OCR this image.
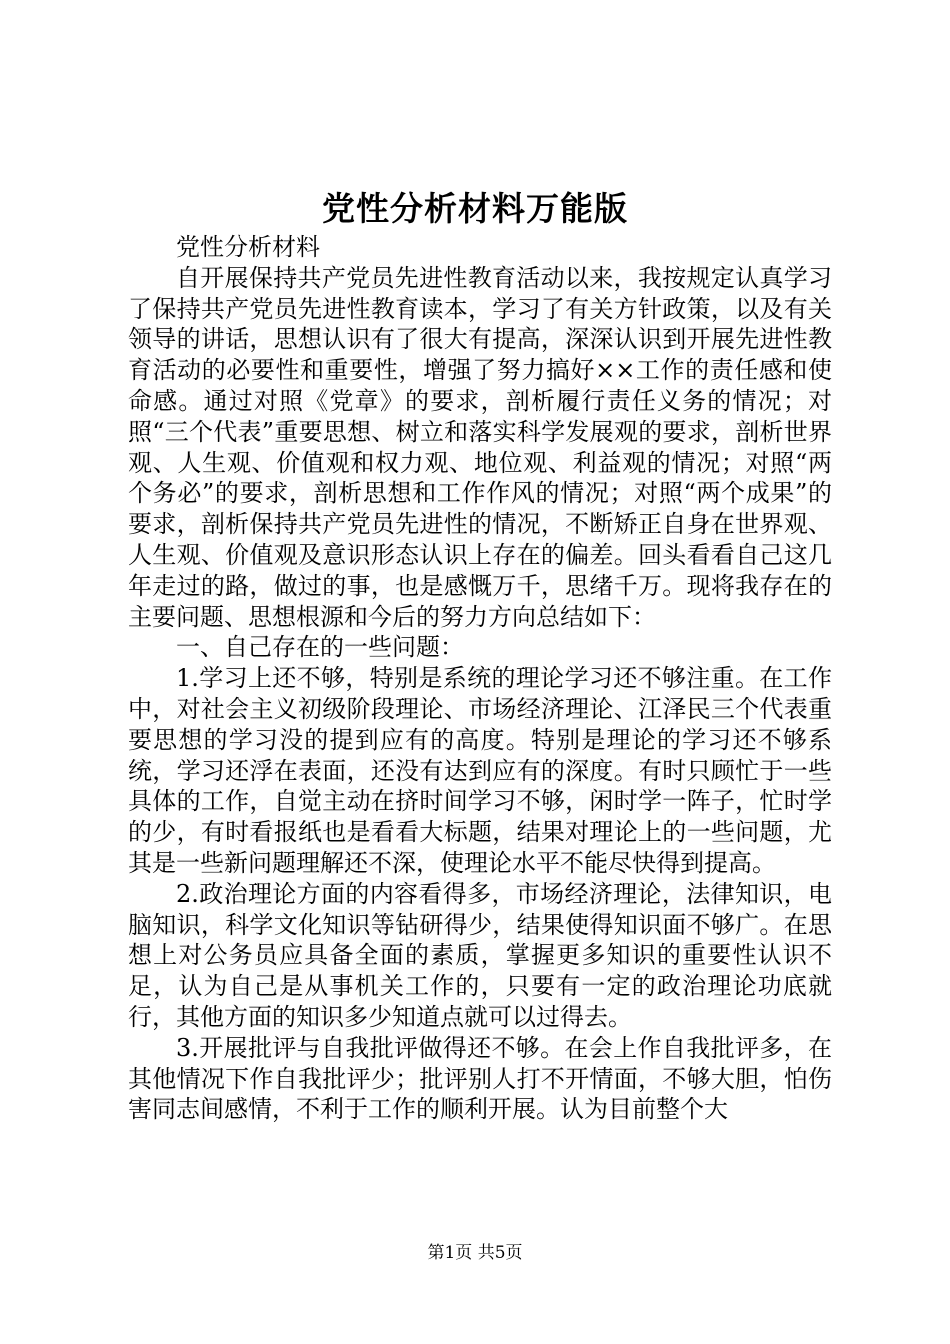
党性分析材料万能版

党性分析材料

自开展保持共产党员先进性教育活动以来，我按规定认真学习了保持共产党员先进性教育读本，学习了有关方针政策，以及有关领导的讲话，思想认识有了很大有提高，深深认识到开展先进性教育活动的必要性和重要性，增强了努力搞好××工作的责任感和使命感。通过对照《党章》的要求，剖析履行责任义务的情况；对照“三个代表”重要思想、树立和落实科学发展观的要求，剖析世界观、人生观、价值观和权力观、地位观、利益观的情况；对照“两个务必”的要求，剖析思想和工作作风的情况；对照“两个成果”的要求，剖析保持共产党员先进性的情况，不断矫正自身在世界观、人生观、价值观及意识形态认识上存在的偏差。回头看看自己这几年走过的路，做过的事，也是感慨万千，思绪千万。现将我存在的主要问题、思想根源和今后的努力方向总结如下：

一、自己存在的一些问题：

1.学习上还不够，特别是系统的理论学习还不够注重。在工作中，对社会主义初级阶段理论、市场经济理论、江泽民三个代表重要思想的学习没的提到应有的高度。特别是理论的学习还不够系统，学习还浮在表面，还没有达到应有的深度。有时只顾忙于一些具体的工作，自觉主动在挤时间学习不够，闲时学一阵子，忙时学的少，有时看报纸也是看看大标题，结果对理论上的一些问题，尤其是一些新问题理解还不深，使理论水平不能尽快得到提高。

2.政治理论方面的内容看得多，市场经济理论，法律知识，电脑知识，科学文化知识等钻研得少，结果使得知识面不够广。在思想上对公务员应具备全面的素质，掌握更多知识的重要性认识不足，认为自己是从事机关工作的，只要有一定的政治理论功底就行，其他方面的知识多少知道点就可以过得去。

3.开展批评与自我批评做得还不够。在会上作自我批评多，在其他情况下作自我批评少；批评别人打不开情面，不够大胆，怕伤害同志间感情，不利于工作的顺利开展。认为目前整个大

第1页 共5页
